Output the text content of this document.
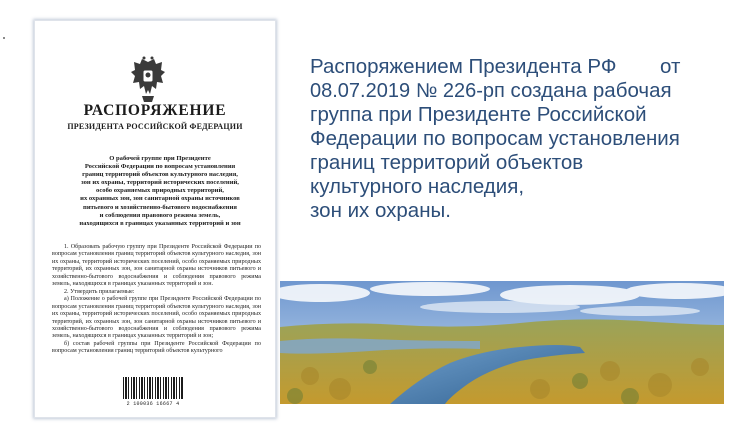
РАСПОРЯЖЕНИЕ
ПРЕЗИДЕНТА РОССИЙСКОЙ ФЕДЕРАЦИИ
О рабочей группе при Президенте
Российской Федерации по вопросам установления
границ территорий объектов культурного наследия,
зон их охраны, территорий исторических поселений,
особо охраняемых природных территорий,
их охранных зон, зон санитарной охраны источников
питьевого и хозяйственно-бытового водоснабжения
и соблюдения правового режима земель,
находящихся в границах указанных территорий и зон

1. Образовать рабочую группу при Президенте Российской Федерации по вопросам установления границ территорий объектов культурного наследия, зон их охраны, территорий исторических поселений, особо охраняемых природных территорий, их охранных зон, зон санитарной охраны источников питьевого и хозяйственно-бытового водоснабжения и соблюдения правового режима земель, находящихся в границах указанных территорий и зон.

2. Утвердить прилагаемые:

а) Положение о рабочей группе при Президенте Российской Федерации по вопросам установления границ территорий объектов культурного наследия, зон их охраны, территорий исторических поселений, особо охраняемых природных территорий, их охранных зон, зон санитарной охраны источников питьевого и хозяйственно-бытового водоснабжения и соблюдения правового режима земель, находящихся в границах указанных территорий и зон;

б) состав рабочей группы при Президенте Российской Федерации по вопросам установления границ территорий объектов культурного

2 100036 16667 4
Распоряжением Президента РФ от
08.07.2019 № 226-рп создана рабочая
группа при Президенте Российской
Федерации по вопросам установления
границ территорий объектов
культурного наследия,
зон их охраны.
